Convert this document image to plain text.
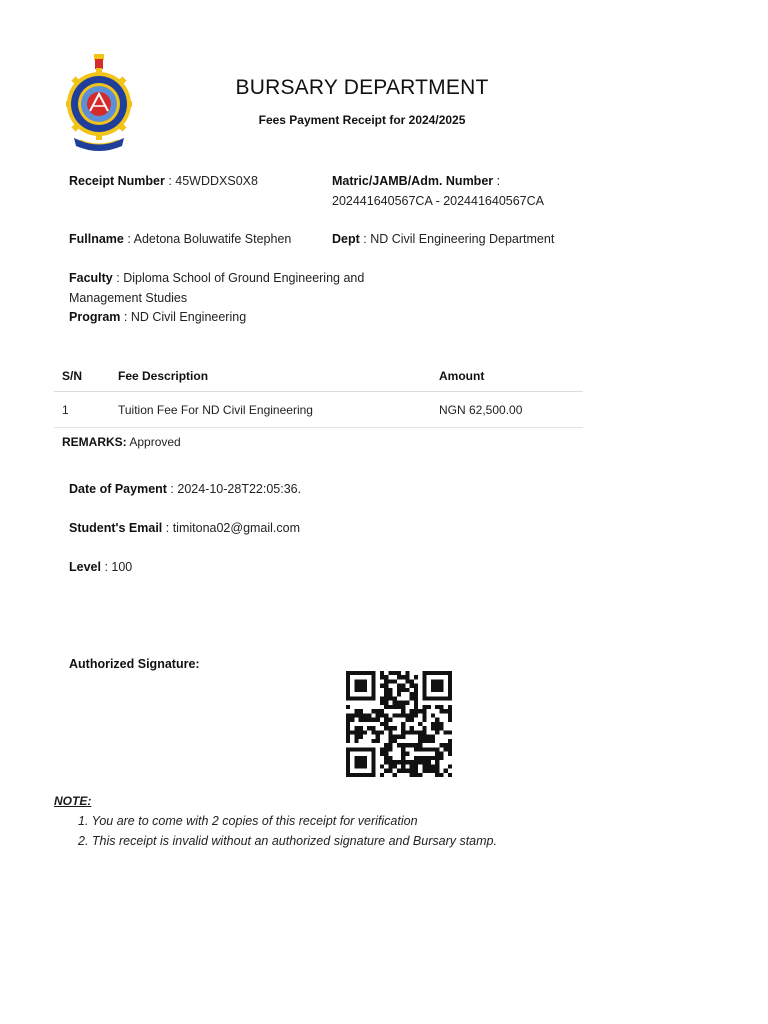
BURSARY DEPARTMENT
Fees Payment Receipt for 2024/2025
Receipt Number : 45WDDXS0X8	Matric/JAMB/Adm. Number :
202441640567CA - 202441640567CA
Fullname : Adetona Boluwatife Stephen	Dept : ND Civil Engineering Department
Faculty : Diploma School of Ground Engineering and Management Studies
Program : ND Civil Engineering
S/N	Fee Description	Amount
1	Tuition Fee For ND Civil Engineering	NGN 62,500.00
REMARKS: Approved
Date of Payment : 2024-10-28T22:05:36.
Student's Email : timitona02@gmail.com
Level : 100
Authorized Signature:
NOTE:
1. You are to come with 2 copies of this receipt for verification
2. This receipt is invalid without an authorized signature and Bursary stamp.
